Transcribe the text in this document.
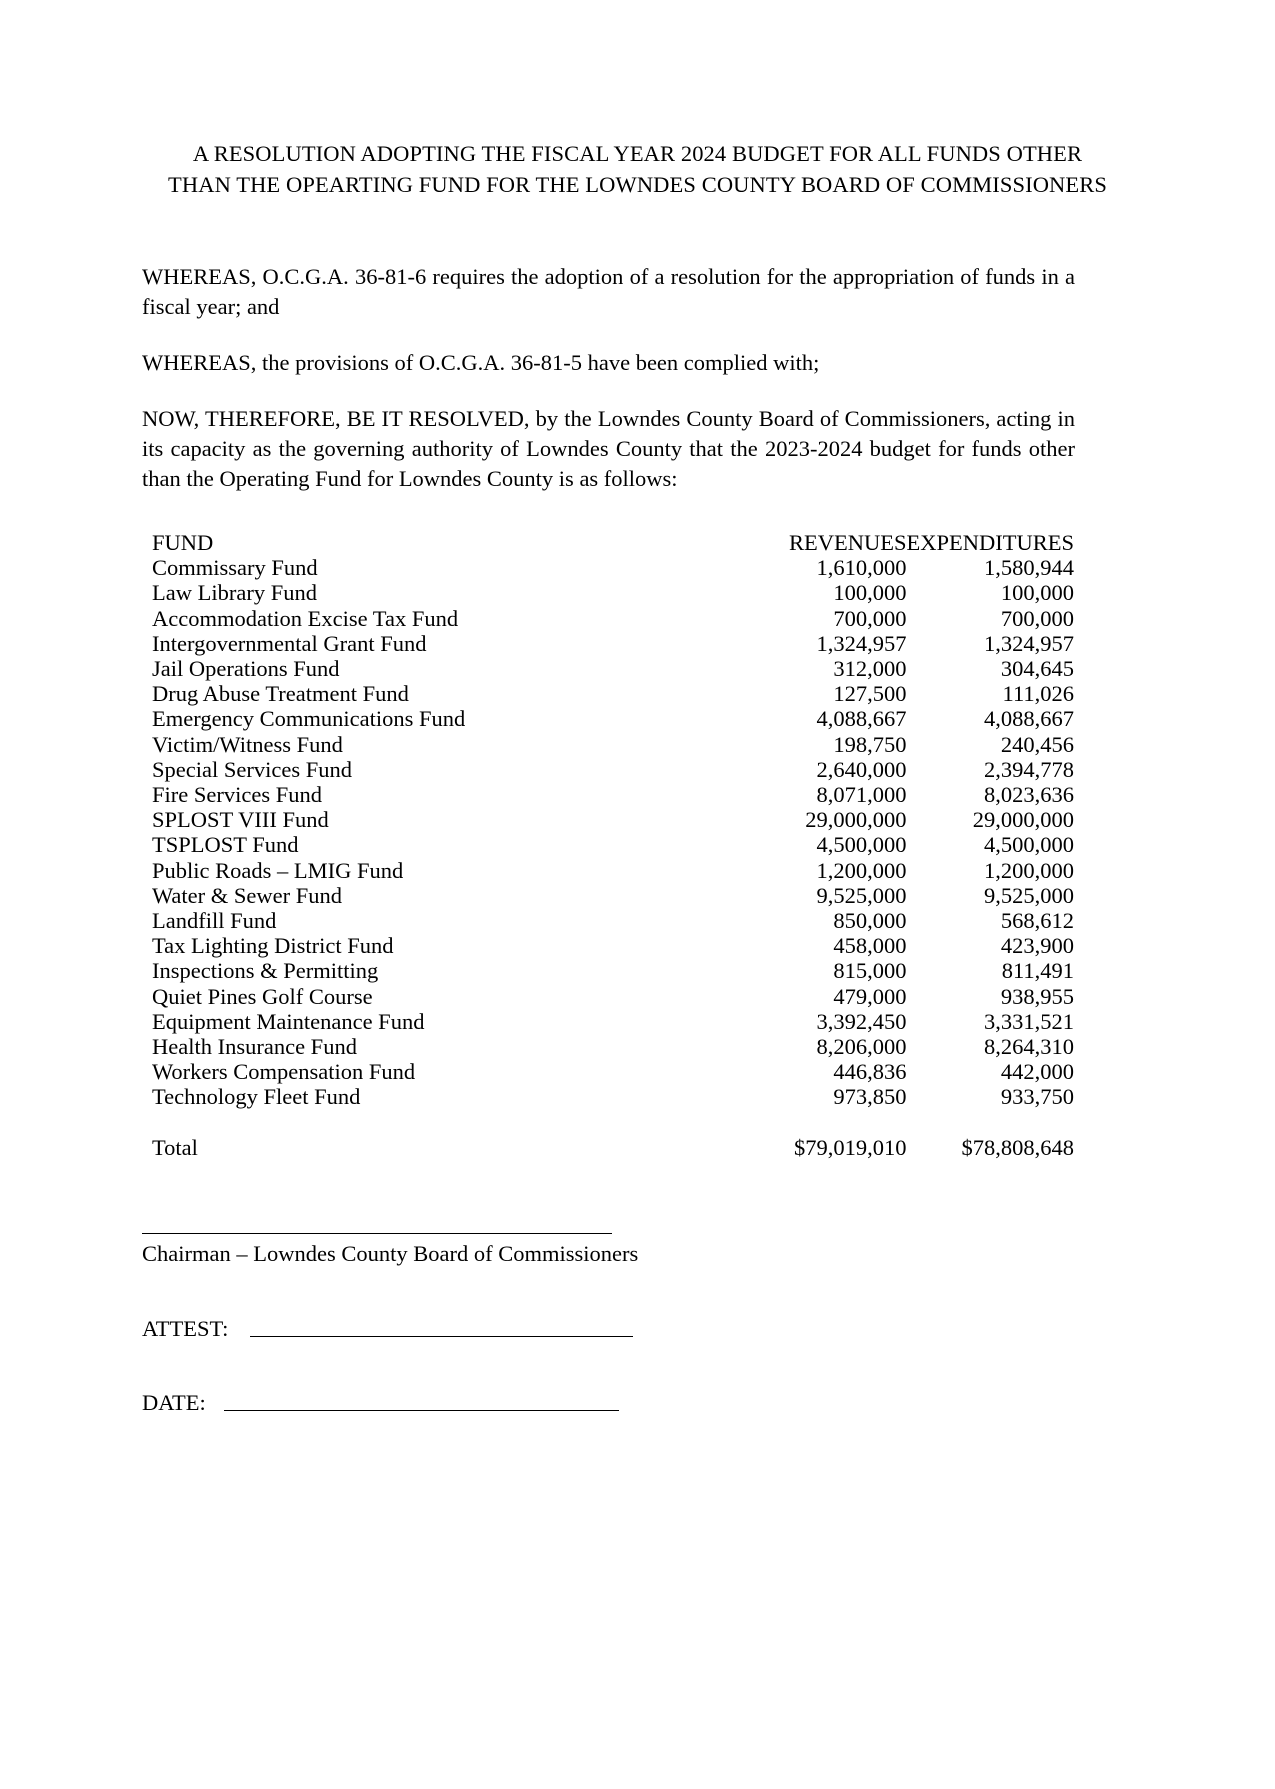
A RESOLUTION ADOPTING THE FISCAL YEAR 2024 BUDGET FOR ALL FUNDS OTHER
THAN THE OPEARTING FUND FOR THE LOWNDES COUNTY BOARD OF COMMISSIONERS

WHEREAS, O.C.G.A. 36-81-6 requires the adoption of a resolution for the appropriation of funds in a fiscal year; and

WHEREAS, the provisions of O.C.G.A. 36-81-5 have been complied with;

NOW, THEREFORE, BE IT RESOLVED, by the Lowndes County Board of Commissioners, acting in its capacity as the governing authority of Lowndes County that the 2023-2024 budget for funds other than the Operating Fund for Lowndes County is as follows:

FUND	REVENUES	EXPENDITURES
Commissary Fund	1,610,000	1,580,944
Law Library Fund	100,000	100,000
Accommodation Excise Tax Fund	700,000	700,000
Intergovernmental Grant Fund	1,324,957	1,324,957
Jail Operations Fund	312,000	304,645
Drug Abuse Treatment Fund	127,500	111,026
Emergency Communications Fund	4,088,667	4,088,667
Victim/Witness Fund	198,750	240,456
Special Services Fund	2,640,000	2,394,778
Fire Services Fund	8,071,000	8,023,636
SPLOST VIII Fund	29,000,000	29,000,000
TSPLOST Fund	4,500,000	4,500,000
Public Roads – LMIG Fund	1,200,000	1,200,000
Water & Sewer Fund	9,525,000	9,525,000
Landfill Fund	850,000	568,612
Tax Lighting District Fund	458,000	423,900
Inspections & Permitting	815,000	811,491
Quiet Pines Golf Course	479,000	938,955
Equipment Maintenance Fund	3,392,450	3,331,521
Health Insurance Fund	8,206,000	8,264,310
Workers Compensation Fund	446,836	442,000
Technology Fleet Fund	973,850	933,750
Total	$79,019,010	$78,808,648
Chairman – Lowndes County Board of Commissioners
ATTEST:
DATE:
